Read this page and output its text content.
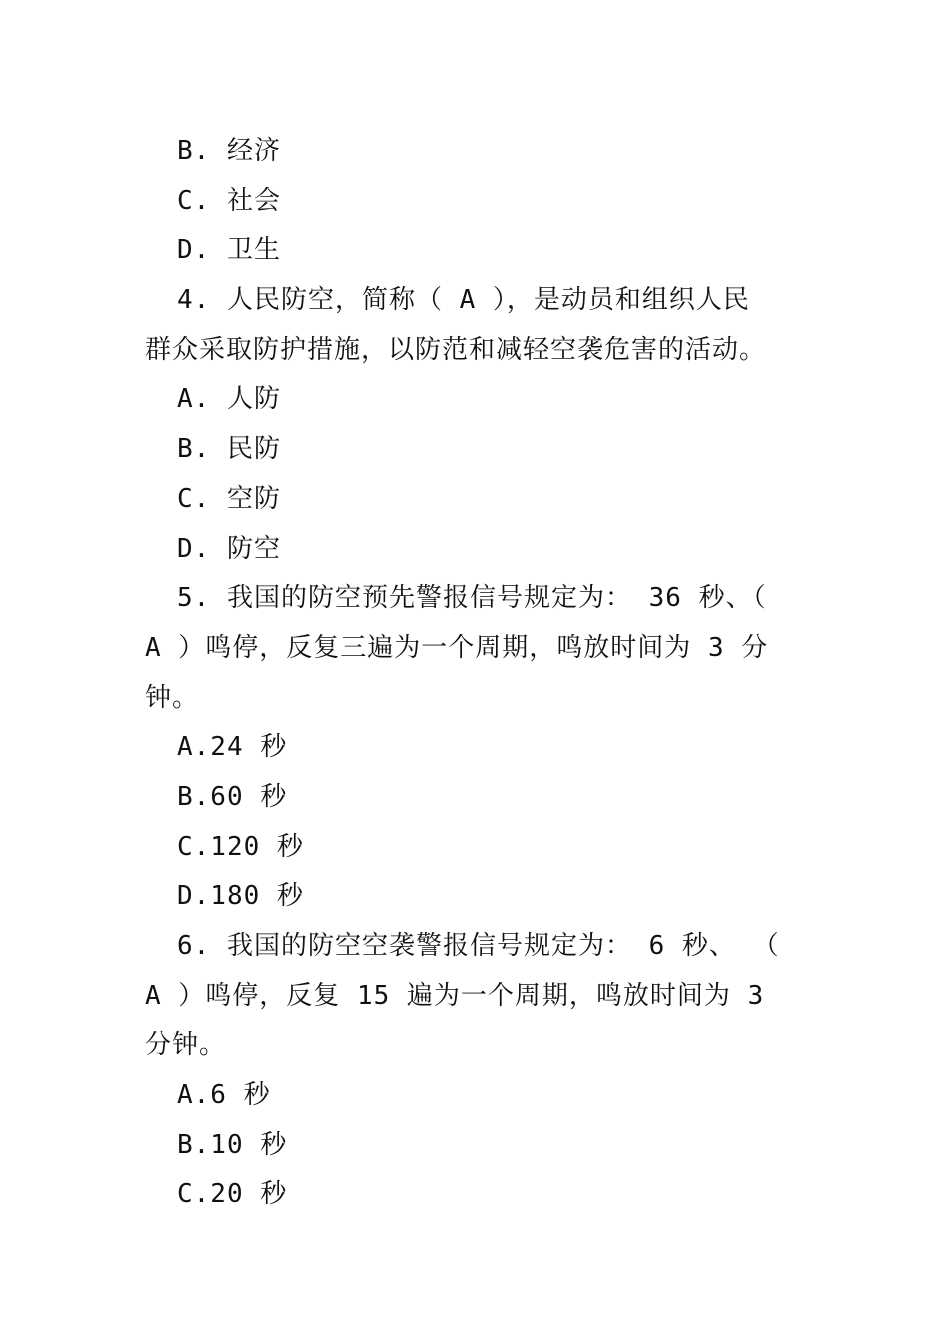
B. 经济
C. 社会
D. 卫生
4. 人民防空，简称（ A ），是动员和组织人民
群众采取防护措施，以防范和减轻空袭危害的活动。
A. 人防
B. 民防
C. 空防
D. 防空
5. 我国的防空预先警报信号规定为： 36 秒、（
A ）鸣停，反复三遍为一个周期，鸣放时间为 3 分
钟。
A.24 秒
B.60 秒
C.120 秒
D.180 秒
6. 我国的防空空袭警报信号规定为： 6 秒、 （
A ）鸣停，反复 15 遍为一个周期，鸣放时间为 3
分钟。
A.6 秒
B.10 秒
C.20 秒
